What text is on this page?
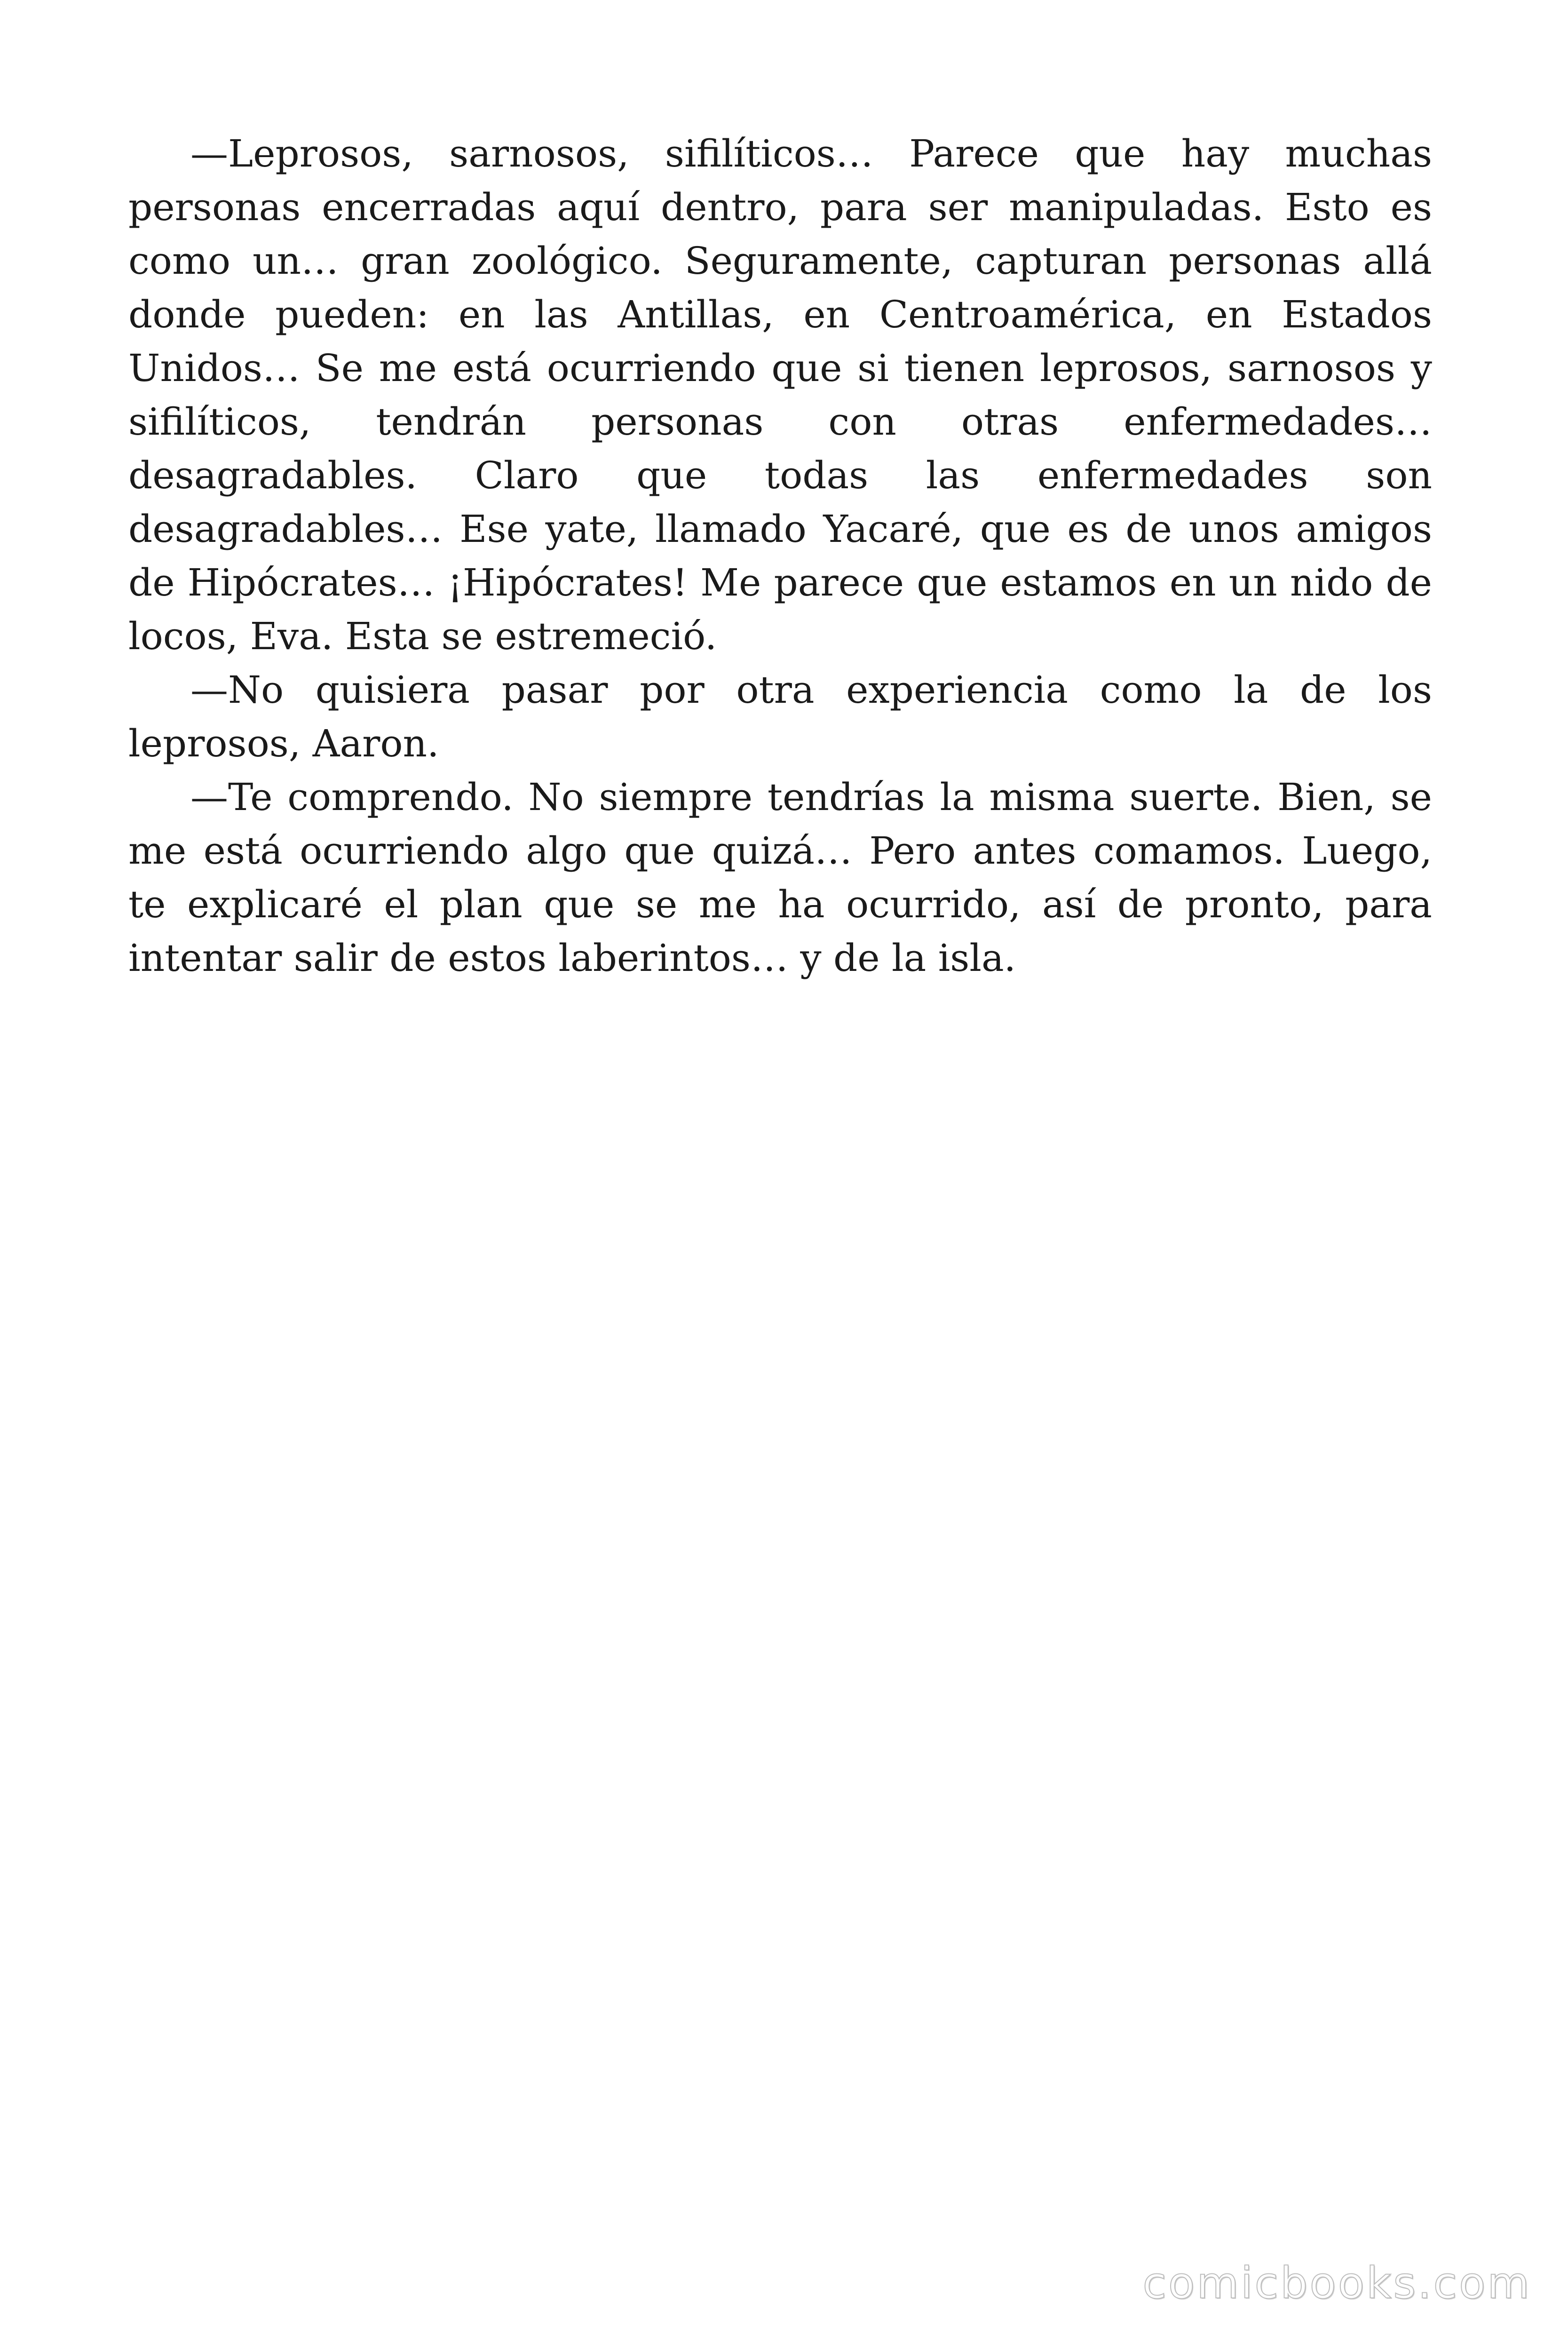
—Leprosos, sarnosos, sifilíticos… Parece que hay muchas personas encerradas aquí dentro, para ser manipuladas. Esto es como un… gran zoológico. Seguramente, capturan personas allá donde pueden: en las Antillas, en Centroamérica, en Estados Unidos… Se me está ocurriendo que si tienen leprosos, sarnosos y sifilíticos, tendrán personas con otras enfermedades… desagradables. Claro que todas las enfermedades son desagradables… Ese yate, llamado Yacaré, que es de unos amigos de Hipócrates… ¡Hipócrates! Me parece que estamos en un nido de locos, Eva. Esta se estremeció.

—No quisiera pasar por otra experiencia como la de los leprosos, Aaron.

—Te comprendo. No siempre tendrías la misma suerte. Bien, se me está ocurriendo algo que quizá… Pero antes comamos. Luego, te explicaré el plan que se me ha ocurrido, así de pronto, para intentar salir de estos laberintos… y de la isla.

comicbooks.com
